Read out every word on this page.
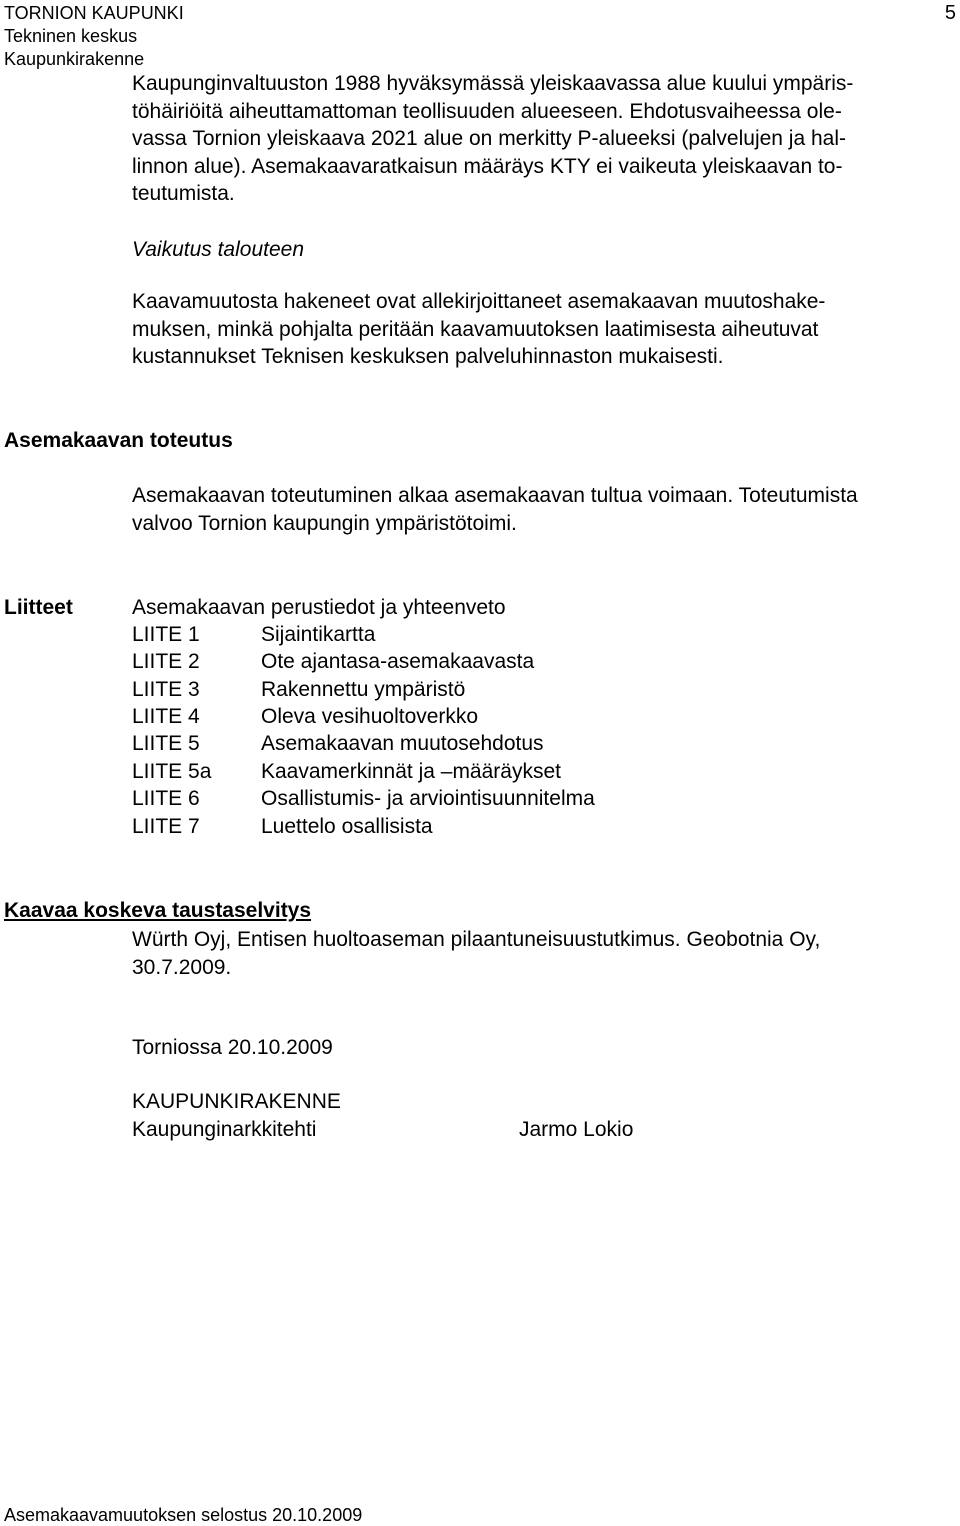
TORNION KAUPUNKI
Tekninen keskus
Kaupunkirakenne
5
Kaupunginvaltuuston 1988 hyväksymässä yleiskaavassa alue kuului ympäris-
töhäiriöitä aiheuttamattoman teollisuuden alueeseen. Ehdotusvaiheessa ole-
vassa Tornion yleiskaava 2021 alue on merkitty P-alueeksi (palvelujen ja hal-
linnon alue). Asemakaavaratkaisun määräys KTY ei vaikeuta yleiskaavan to-
teutumista.
Vaikutus talouteen
Kaavamuutosta hakeneet ovat allekirjoittaneet asemakaavan muutoshake-
muksen, minkä pohjalta peritään kaavamuutoksen laatimisesta aiheutuvat
kustannukset Teknisen keskuksen palveluhinnaston mukaisesti.
Asemakaavan toteutus
Asemakaavan toteutuminen alkaa asemakaavan tultua voimaan. Toteutumista
valvoo Tornion kaupungin ympäristötoimi.
Liitteet	Asemakaavan perustiedot ja yhteenveto
LIITE 1	Sijaintikartta
LIITE 2	Ote ajantasa-asemakaavasta
LIITE 3	Rakennettu ympäristö
LIITE 4	Oleva vesihuoltoverkko
LIITE 5	Asemakaavan muutosehdotus
LIITE 5a Kaavamerkinnät ja –määräykset
LIITE 6	Osallistumis- ja arviointisuunnitelma
LIITE 7	Luettelo osallisista
Kaavaa koskeva taustaselvitys
Würth Oyj, Entisen huoltoaseman pilaantuneisuustutkimus. Geobotnia Oy,
30.7.2009.
Torniossa 20.10.2009
KAUPUNKIRAKENNE
Kaupunginarkkitehti	Jarmo Lokio
Asemakaavamuutoksen selostus 20.10.2009
